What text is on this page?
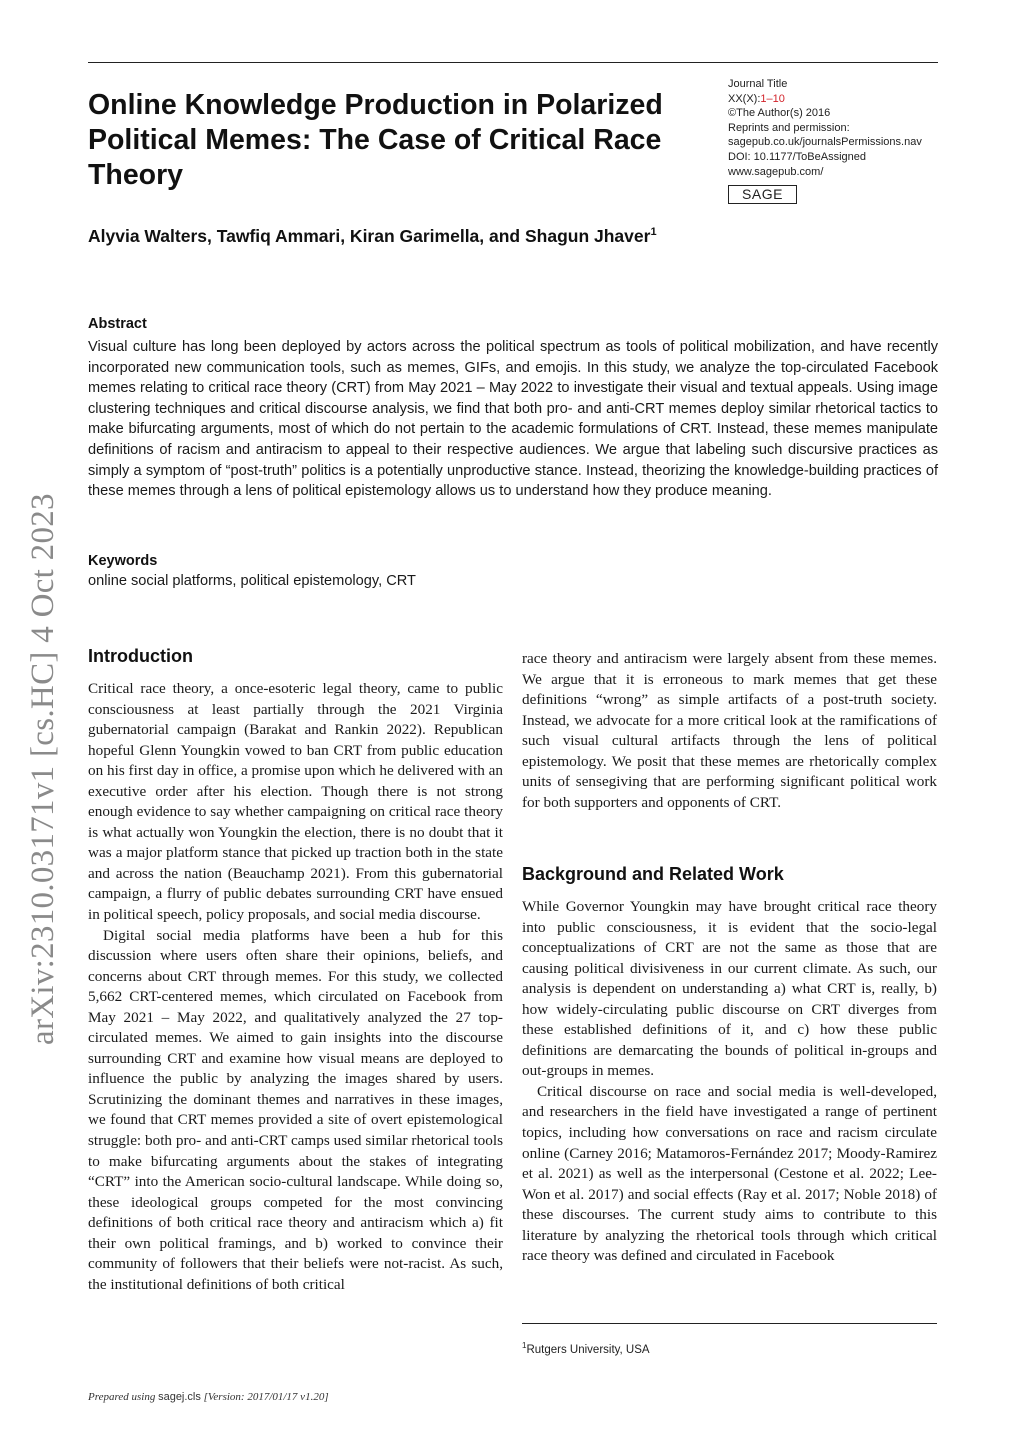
Online Knowledge Production in Polarized Political Memes: The Case of Critical Race Theory
Journal Title
XX(X):1–10
©The Author(s) 2016
Reprints and permission:
sagepub.co.uk/journalsPermissions.nav
DOI: 10.1177/ToBeAssigned
www.sagepub.com/
SAGE
Alyvia Walters, Tawfiq Ammari, Kiran Garimella, and Shagun Jhaver$^1$
arXiv:2310.03171v1 [cs.HC] 4 Oct 2023
Abstract

Visual culture has long been deployed by actors across the political spectrum as tools of political mobilization, and have recently incorporated new communication tools, such as memes, GIFs, and emojis. In this study, we analyze the top-circulated Facebook memes relating to critical race theory (CRT) from May 2021 – May 2022 to investigate their visual and textual appeals. Using image clustering techniques and critical discourse analysis, we find that both pro- and anti-CRT memes deploy similar rhetorical tactics to make bifurcating arguments, most of which do not pertain to the academic formulations of CRT. Instead, these memes manipulate definitions of racism and antiracism to appeal to their respective audiences. We argue that labeling such discursive practices as simply a symptom of “post-truth” politics is a potentially unproductive stance. Instead, theorizing the knowledge-building practices of these memes through a lens of political epistemology allows us to understand how they produce meaning.

Keywords
online social platforms, political epistemology, CRT
Introduction

Critical race theory, a once-esoteric legal theory, came to public consciousness at least partially through the 2021 Virginia gubernatorial campaign (Barakat and Rankin 2022). Republican hopeful Glenn Youngkin vowed to ban CRT from public education on his first day in office, a promise upon which he delivered with an executive order after his election. Though there is not strong enough evidence to say whether campaigning on critical race theory is what actually won Youngkin the election, there is no doubt that it was a major platform stance that picked up traction both in the state and across the nation (Beauchamp 2021). From this gubernatorial campaign, a flurry of public debates surrounding CRT have ensued in political speech, policy proposals, and social media discourse.

Digital social media platforms have been a hub for this discussion where users often share their opinions, beliefs, and concerns about CRT through memes. For this study, we collected 5,662 CRT-centered memes, which circulated on Facebook from May 2021 – May 2022, and qualitatively analyzed the 27 top-circulated memes. We aimed to gain insights into the discourse surrounding CRT and examine how visual means are deployed to influence the public by analyzing the images shared by users. Scrutinizing the dominant themes and narratives in these images, we found that CRT memes provided a site of overt epistemological struggle: both pro- and anti-CRT camps used similar rhetorical tools to make bifurcating arguments about the stakes of integrating “CRT” into the American socio-cultural landscape. While doing so, these ideological groups competed for the most convincing definitions of both critical race theory and antiracism which a) fit their own political framings, and b) worked to convince their community of followers that their beliefs were not-racist. As such, the institutional definitions of both critical

race theory and antiracism were largely absent from these memes. We argue that it is erroneous to mark memes that get these definitions “wrong” as simple artifacts of a post-truth society. Instead, we advocate for a more critical look at the ramifications of such visual cultural artifacts through the lens of political epistemology. We posit that these memes are rhetorically complex units of sensegiving that are performing significant political work for both supporters and opponents of CRT.

Background and Related Work

While Governor Youngkin may have brought critical race theory into public consciousness, it is evident that the socio-legal conceptualizations of CRT are not the same as those that are causing political divisiveness in our current climate. As such, our analysis is dependent on understanding a) what CRT is, really, b) how widely-circulating public discourse on CRT diverges from these established definitions of it, and c) how these public definitions are demarcating the bounds of political in-groups and out-groups in memes.

Critical discourse on race and social media is well-developed, and researchers in the field have investigated a range of pertinent topics, including how conversations on race and racism circulate online (Carney 2016; Matamoros-Fernández 2017; Moody-Ramirez et al. 2021) as well as the interpersonal (Cestone et al. 2022; Lee-Won et al. 2017) and social effects (Ray et al. 2017; Noble 2018) of these discourses. The current study aims to contribute to this literature by analyzing the rhetorical tools through which critical race theory was defined and circulated in Facebook

$^1$Rutgers University, USA
Prepared using sagej.cls [Version: 2017/01/17 v1.20]
